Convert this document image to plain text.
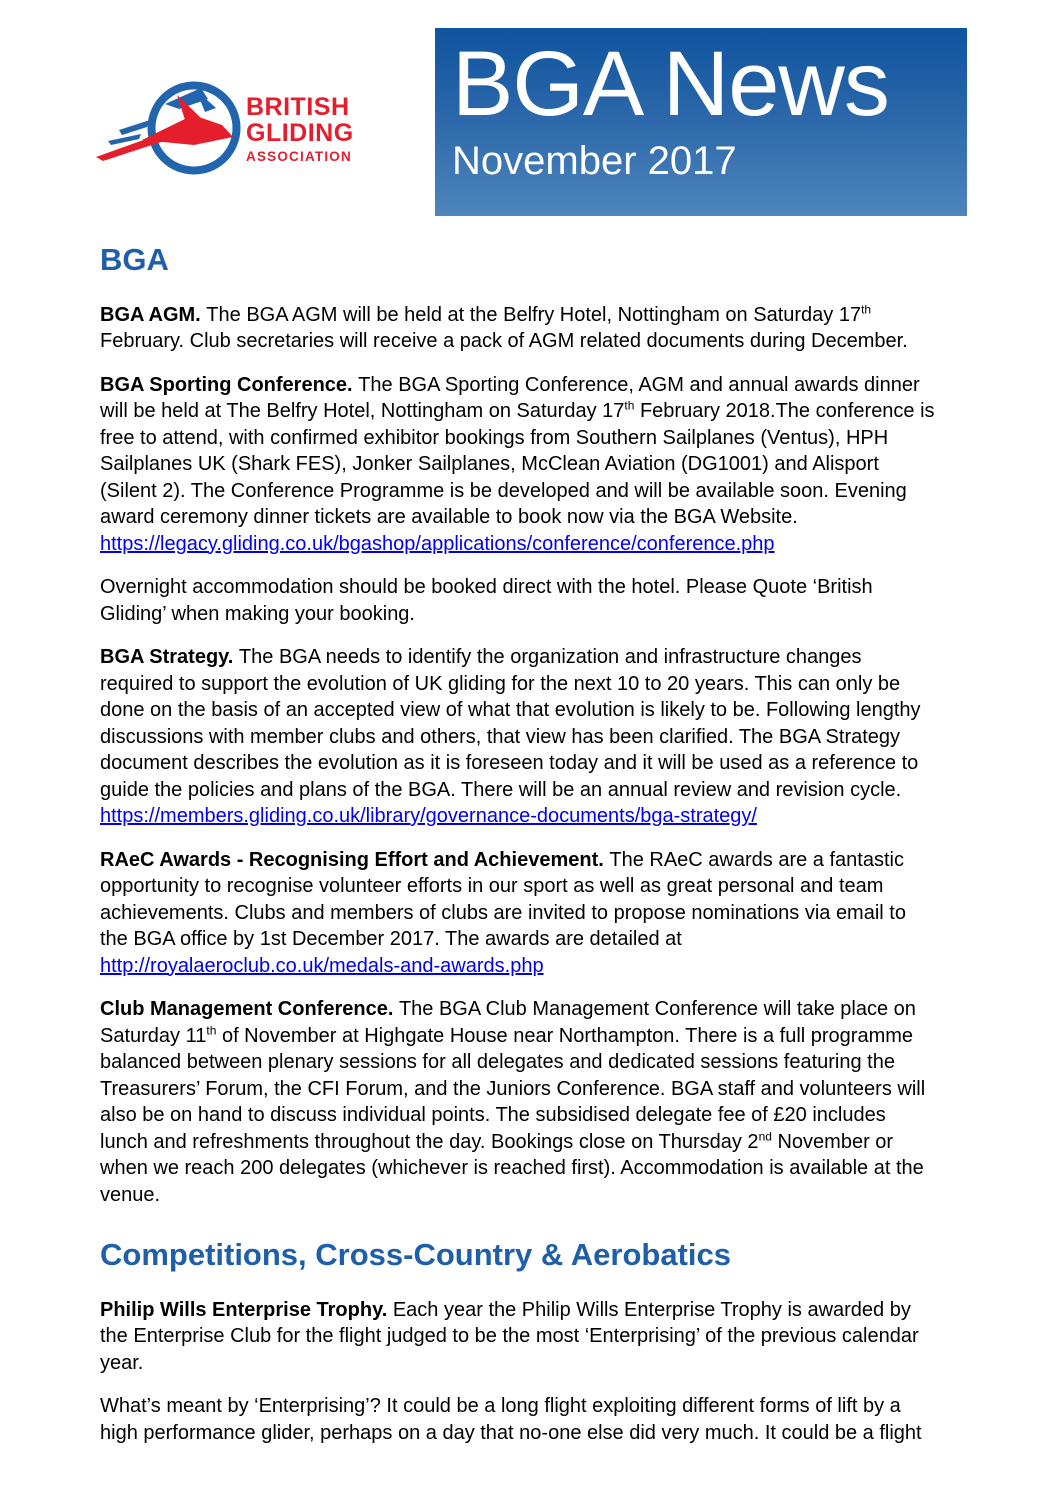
BRITISH
GLIDING
ASSOCIATION
BGA News
November 2017
BGA

BGA AGM. The BGA AGM will be held at the Belfry Hotel, Nottingham on Saturday 17th February. Club secretaries will receive a pack of AGM related documents during December.

BGA Sporting Conference. The BGA Sporting Conference, AGM and annual awards dinner will be held at The Belfry Hotel, Nottingham on Saturday 17th February 2018.The conference is free to attend, with confirmed exhibitor bookings from Southern Sailplanes (Ventus), HPH Sailplanes UK (Shark FES), Jonker Sailplanes, McClean Aviation (DG1001) and Alisport (Silent 2). The Conference Programme is be developed and will be available soon. Evening award ceremony dinner tickets are available to book now via the BGA Website.
https://legacy.gliding.co.uk/bgashop/applications/conference/conference.php

Overnight accommodation should be booked direct with the hotel. Please Quote ‘British Gliding’ when making your booking.

BGA Strategy. The BGA needs to identify the organization and infrastructure changes required to support the evolution of UK gliding for the next 10 to 20 years. This can only be done on the basis of an accepted view of what that evolution is likely to be. Following lengthy discussions with member clubs and others, that view has been clarified. The BGA Strategy document describes the evolution as it is foreseen today and it will be used as a reference to guide the policies and plans of the BGA. There will be an annual review and revision cycle.
https://members.gliding.co.uk/library/governance-documents/bga-strategy/

RAeC Awards - Recognising Effort and Achievement. The RAeC awards are a fantastic opportunity to recognise volunteer efforts in our sport as well as great personal and team achievements. Clubs and members of clubs are invited to propose nominations via email to the BGA office by 1st December 2017. The awards are detailed at
http://royalaeroclub.co.uk/medals-and-awards.php

Club Management Conference. The BGA Club Management Conference will take place on Saturday 11th of November at Highgate House near Northampton. There is a full programme balanced between plenary sessions for all delegates and dedicated sessions featuring the Treasurers’ Forum, the CFI Forum, and the Juniors Conference. BGA staff and volunteers will also be on hand to discuss individual points. The subsidised delegate fee of £20 includes lunch and refreshments throughout the day. Bookings close on Thursday 2nd November or when we reach 200 delegates (whichever is reached first). Accommodation is available at the venue.

Competitions, Cross-Country & Aerobatics

Philip Wills Enterprise Trophy. Each year the Philip Wills Enterprise Trophy is awarded by the Enterprise Club for the flight judged to be the most ‘Enterprising’ of the previous calendar year.

What’s meant by ‘Enterprising’? It could be a long flight exploiting different forms of lift by a high performance glider, perhaps on a day that no-one else did very much. It could be a flight
